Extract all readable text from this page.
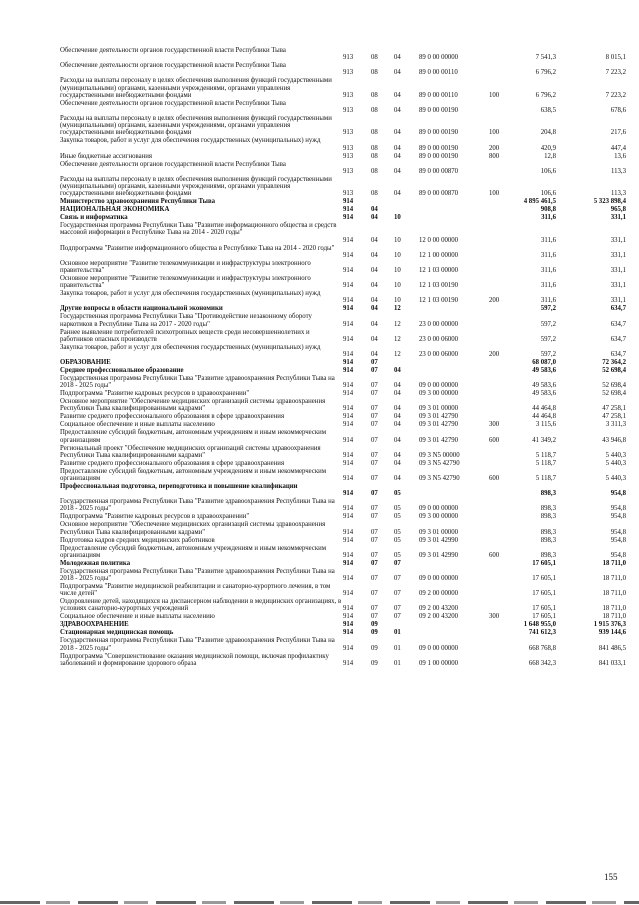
Обеспечение деятельности органов государственной власти Республики Тыва
913	08 04	89 0 00 00000	7 541,3	8 015,1
Обеспечение деятельности органов государственной власти Республики Тыва
913	08 04	89 0 00 00110	6 796,2	7 223,2
Расходы на выплаты персоналу в целях обеспечения выполнения функций государственными (муниципальными) органами, казенными учреждениями, органами управления государственными внебюджетными фондами	913	08 04	89 0 00 00110	100	6 796,2	7 223,2
Обеспечение деятельности органов государственной власти Республики Тыва
913	08 04	89 0 00 00190	638,5	678,6
Расходы на выплаты персоналу в целях обеспечения выполнения функций государственными (муниципальными) органами, казенными учреждениями, органами управления государственными внебюджетными фондами	913	08 04	89 0 00 00190	100	204,8	217,6
Закупка товаров, работ и услуг для обеспечения государственных (муниципальных) нужд
913	08 04	89 0 00 00190	200	420,9	447,4
Иные бюджетные ассигнования	913	08 04	89 0 00 00190	800	12,8	13,6
Обеспечение деятельности органов государственной власти Республики Тыва
913	08 04	89 0 00 00870	106,6	113,3
Расходы на выплаты персоналу в целях обеспечения выполнения функций государственными (муниципальными) органами, казенными учреждениями, органами управления государственными внебюджетными фондами	913	08 04	89 0 00 00870	100	106,6	113,3
Министерство здравоохранения Республики Тыва	914	4 895 461,5	5 323 898,4
НАЦИОНАЛЬНАЯ ЭКОНОМИКА	914	04	908,8	965,8
Связь и информатика	914	04 10	311,6	331,1
Государственная программа Республики Тыва "Развитие информационного общества и средств массовой информации в Республике Тыва на 2014 - 2020 годы"
914	04 10	12 0 00 00000	311,6	331,1
Подпрограмма "Развитие информационного общества в Республике Тыва на 2014 - 2020 годы"
914	04 10	12 1 00 00000	311,6	331,1
Основное мероприятие "Развитие телекоммуникации и инфраструктуры электронного правительства"	914	04 10	12 1 03 00000	311,6	331,1
Основное мероприятие "Развитие телекоммуникации и инфраструктуры электронного правительства"	914	04 10	12 1 03 00190	311,6	331,1
Закупка товаров, работ и услуг для обеспечения государственных (муниципальных) нужд
914	04 10	12 1 03 00190	200	311,6	331,1
Другие вопросы в области национальной экономики	914	04 12	597,2	634,7
Государственная программа Республики Тыва "Противодействие незаконному обороту наркотиков в Республике Тыва на 2017 - 2020 годы"	914	04 12	23 0 00 00000	597,2	634,7
Раннее выявление потребителей психотропных веществ среди несовершеннолетних и работников опасных производств	914	04 12	23 0 00 06000	597,2	634,7
Закупка товаров, работ и услуг для обеспечения государственных (муниципальных) нужд
914	04 12	23 0 00 06000	200	597,2	634,7
ОБРАЗОВАНИЕ	914	07	68 087,0	72 364,2
Среднее профессиональное образование	914	07 04	49 583,6	52 698,4
Государственная программа Республики Тыва "Развитие здравоохранения Республики Тыва на 2018 - 2025 годы"	914	07 04	09 0 00 00000	49 583,6	52 698,4
Подпрограмма "Развитие кадровых ресурсов в здравоохранении"	914	07 04	09 3 00 00000	49 583,6	52 698,4
Основное мероприятие "Обеспечение медицинских организаций системы здравоохранения Республики Тыва квалифицированными кадрами"	914	07 04	09 3 01 00000	44 464,8	47 258,1
Развитие среднего профессионального образования в сфере здравоохранения	914	07 04	09 3 01 42790	44 464,8	47 258,1
Социальное обеспечение и иные выплаты населению	914	07 04	09 3 01 42790	300	3 115,6	3 311,3
Предоставление субсидий бюджетным, автономным учреждениям и иным некоммерческим организациям	914	07 04	09 3 01 42790	600	41 349,2	43 946,8
Региональный проект "Обеспечение медицинских организаций системы здравоохранения Республики Тыва квалифицированными кадрами"	914	07 04	09 3 N5 00000	5 118,7	5 440,3
Развитие среднего профессионального образования в сфере здравоохранения	914	07 04	09 3 N5 42790	5 118,7	5 440,3
Предоставление субсидий бюджетным, автономным учреждениям и иным некоммерческим организациям	914	07 04	09 3 N5 42790	600	5 118,7	5 440,3
Профессиональная подготовка, переподготовка и повышение квалификации
914	07 05	898,3	954,8
Государственная программа Республики Тыва "Развитие здравоохранения Республики Тыва на 2018 - 2025 годы"	914	07 05	09 0 00 00000	898,3	954,8
Подпрограмма "Развитие кадровых ресурсов в здравоохранении"	914	07 05	09 3 00 00000	898,3	954,8
Основное мероприятие "Обеспечение медицинских организаций системы здравоохранения Республики Тыва квалифицированными кадрами"	914	07 05	09 3 01 00000	898,3	954,8
Подготовка кадров средних медицинских работников	914	07 05	09 3 01 42990	898,3	954,8
Предоставление субсидий бюджетным, автономным учреждениям и иным некоммерческим организациям	914	07 05	09 3 01 42990	600	898,3	954,8
Молодежная политика	914	07 07	17 605,1	18 711,0
Государственная программа Республики Тыва "Развитие здравоохранения Республики Тыва на 2018 - 2025 годы"	914	07 07	09 0 00 00000	17 605,1	18 711,0
Подпрограмма "Развитие медицинской реабилитации и санаторно-курортного лечения, в том числе детей"	914	07 07	09 2 00 00000	17 605,1	18 711,0
Оздоровление детей, находящихся на диспансерном наблюдении в медицинских организациях, в условиях санаторно-курортных учреждений	914	07 07	09 2 00 43200	17 605,1	18 711,0
Социальное обеспечение и иные выплаты населению	914	07 07	09 2 00 43200	300	17 605,1	18 711,0
ЗДРАВООХРАНЕНИЕ	914	09	1 648 955,0	1 915 376,3
Стационарная медицинская помощь	914	09 01	741 612,3	939 144,6
Государственная программа Республики Тыва "Развитие здравоохранения Республики Тыва на 2018 - 2025 годы"	914	09 01	09 0 00 00000	668 768,8	841 486,5
Подпрограмма "Совершенствование оказания медицинской помощи, включая профилактику заболеваний и формирование здорового образа	914	09 01	09 1 00 00000	668 342,3	841 033,1
155
